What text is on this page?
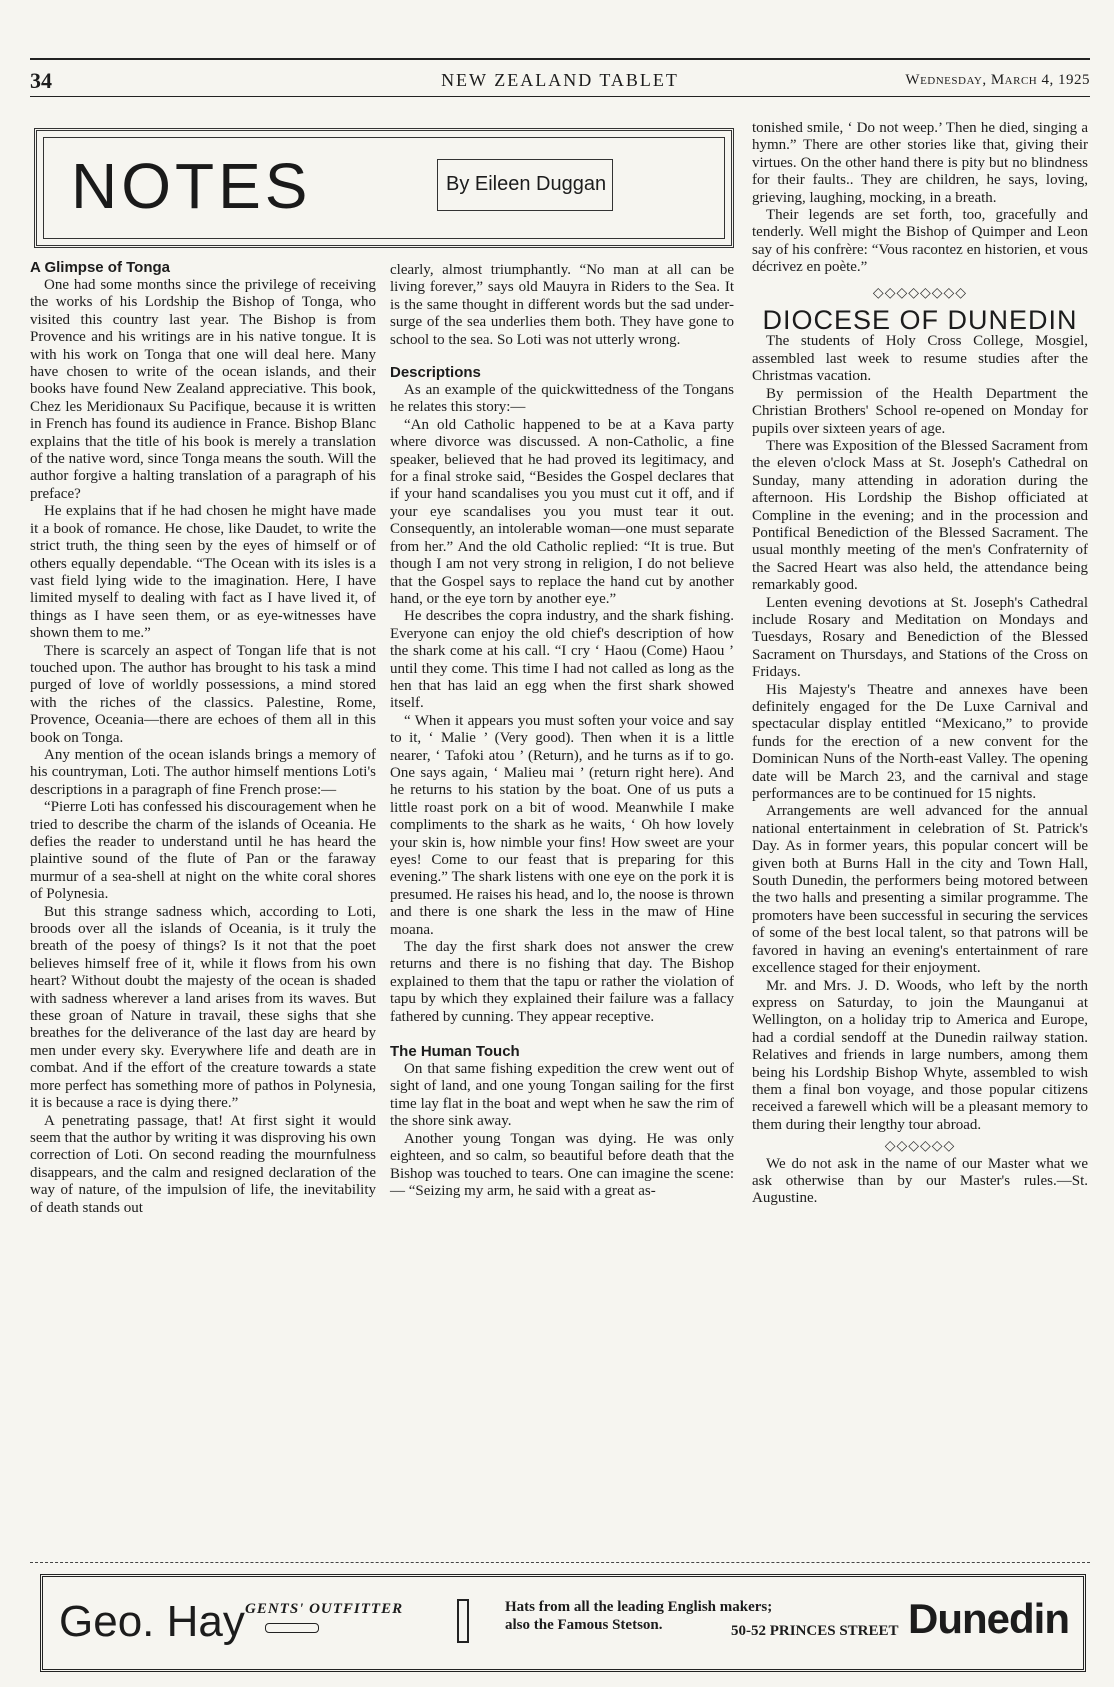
34	NEW ZEALAND TABLET	Wednesday, March 4, 1925
NOTES	By Eileen Duggan
A Glimpse of Tonga

One had some months since the privilege of receiving the works of his Lordship the Bishop of Tonga, who visited this country last year. The Bishop is from Provence and his writings are in his native tongue. It is with his work on Tonga that one will deal here. Many have chosen to write of the ocean islands, and their books have found New Zealand appreciative. This book, Chez les Meridionaux Su Pacifique, because it is written in French has found its audience in France. Bishop Blanc explains that the title of his book is merely a translation of the native word, since Tonga means the south. Will the author forgive a halting translation of a paragraph of his preface?

He explains that if he had chosen he might have made it a book of romance. He chose, like Daudet, to write the strict truth, the thing seen by the eyes of himself or of others equally dependable. “The Ocean with its isles is a vast field lying wide to the imagination. Here, I have limited myself to dealing with fact as I have lived it, of things as I have seen them, or as eye-witnesses have shown them to me.”

There is scarcely an aspect of Tongan life that is not touched upon. The author has brought to his task a mind purged of love of worldly possessions, a mind stored with the riches of the classics. Palestine, Rome, Provence, Oceania—there are echoes of them all in this book on Tonga.

Any mention of the ocean islands brings a memory of his countryman, Loti. The author himself mentions Loti's descriptions in a paragraph of fine French prose:—

“Pierre Loti has confessed his discouragement when he tried to describe the charm of the islands of Oceania. He defies the reader to understand until he has heard the plaintive sound of the flute of Pan or the faraway murmur of a sea-shell at night on the white coral shores of Polynesia.

But this strange sadness which, according to Loti, broods over all the islands of Oceania, is it truly the breath of the poesy of things? Is it not that the poet believes himself free of it, while it flows from his own heart? Without doubt the majesty of the ocean is shaded with sadness wherever a land arises from its waves. But these groan of Nature in travail, these sighs that she breathes for the deliverance of the last day are heard by men under every sky. Everywhere life and death are in combat. And if the effort of the creature towards a state more perfect has something more of pathos in Polynesia, it is because a race is dying there.”

A penetrating passage, that! At first sight it would seem that the author by writing it was disproving his own correction of Loti. On second reading the mournfulness disappears, and the calm and resigned declaration of the way of nature, of the impulsion of life, the inevitability of death stands out

clearly, almost triumphantly. “No man at all can be living forever,” says old Mauyra in Riders to the Sea. It is the same thought in different words but the sad under-surge of the sea underlies them both. They have gone to school to the sea. So Loti was not utterly wrong.

Descriptions

As an example of the quickwittedness of the Tongans he relates this story:—

“An old Catholic happened to be at a Kava party where divorce was discussed. A non-Catholic, a fine speaker, believed that he had proved its legitimacy, and for a final stroke said, “Besides the Gospel declares that if your hand scandalises you you must cut it off, and if your eye scandalises you you must tear it out. Consequently, an intolerable woman—one must separate from her.” And the old Catholic replied: “It is true. But though I am not very strong in religion, I do not believe that the Gospel says to replace the hand cut by another hand, or the eye torn by another eye.”

He describes the copra industry, and the shark fishing. Everyone can enjoy the old chief's description of how the shark come at his call. “I cry ‘ Haou (Come) Haou ’ until they come. This time I had not called as long as the hen that has laid an egg when the first shark showed itself.

“ When it appears you must soften your voice and say to it, ‘ Malie ’ (Very good). Then when it is a little nearer, ‘ Tafoki atou ’ (Return), and he turns as if to go. One says again, ‘ Malieu mai ’ (return right here). And he returns to his station by the boat. One of us puts a little roast pork on a bit of wood. Meanwhile I make compliments to the shark as he waits, ‘ Oh how lovely your skin is, how nimble your fins! How sweet are your eyes! Come to our feast that is preparing for this evening.” The shark listens with one eye on the pork it is presumed. He raises his head, and lo, the noose is thrown and there is one shark the less in the maw of Hine moana.

The day the first shark does not answer the crew returns and there is no fishing that day. The Bishop explained to them that the tapu or rather the violation of tapu by which they explained their failure was a fallacy fathered by cunning. They appear receptive.

The Human Touch

On that same fishing expedition the crew went out of sight of land, and one young Tongan sailing for the first time lay flat in the boat and wept when he saw the rim of the shore sink away.

Another young Tongan was dying. He was only eighteen, and so calm, so beautiful before death that the Bishop was touched to tears. One can imagine the scene:— “Seizing my arm, he said with a great as-

tonished smile, ‘ Do not weep.’ Then he died, singing a hymn.” There are other stories like that, giving their virtues. On the other hand there is pity but no blindness for their faults.. They are children, he says, loving, grieving, laughing, mocking, in a breath.

Their legends are set forth, too, gracefully and tenderly. Well might the Bishop of Quimper and Leon say of his confrère: “Vous racontez en historien, et vous décrivez en poète.”

◇◇◇◇◇◇◇◇
DIOCESE OF DUNEDIN

The students of Holy Cross College, Mosgiel, assembled last week to resume studies after the Christmas vacation.

By permission of the Health Department the Christian Brothers' School re-opened on Monday for pupils over sixteen years of age.

There was Exposition of the Blessed Sacrament from the eleven o'clock Mass at St. Joseph's Cathedral on Sunday, many attending in adoration during the afternoon. His Lordship the Bishop officiated at Compline in the evening; and in the procession and Pontifical Benediction of the Blessed Sacrament. The usual monthly meeting of the men's Confraternity of the Sacred Heart was also held, the attendance being remarkably good.

Lenten evening devotions at St. Joseph's Cathedral include Rosary and Meditation on Mondays and Tuesdays, Rosary and Benediction of the Blessed Sacrament on Thursdays, and Stations of the Cross on Fridays.

His Majesty's Theatre and annexes have been definitely engaged for the De Luxe Carnival and spectacular display entitled “Mexicano,” to provide funds for the erection of a new convent for the Dominican Nuns of the North-east Valley. The opening date will be March 23, and the carnival and stage performances are to be continued for 15 nights.

Arrangements are well advanced for the annual national entertainment in celebration of St. Patrick's Day. As in former years, this popular concert will be given both at Burns Hall in the city and Town Hall, South Dunedin, the performers being motored between the two halls and presenting a similar programme. The promoters have been successful in securing the services of some of the best local talent, so that patrons will be favored in having an evening's entertainment of rare excellence staged for their enjoyment.

Mr. and Mrs. J. D. Woods, who left by the north express on Saturday, to join the Maunganui at Wellington, on a holiday trip to America and Europe, had a cordial sendoff at the Dunedin railway station. Relatives and friends in large numbers, among them being his Lordship Bishop Whyte, assembled to wish them a final bon voyage, and those popular citizens received a farewell which will be a pleasant memory to them during their lengthy tour abroad.

◇◇◇◇◇◇

We do not ask in the name of our Master what we ask otherwise than by our Master's rules.—St. Augustine.

Geo. Hay GENTS' OUTFITTER	Hats from all the leading English makers;
also the Famous Stetson.	50-52 PRINCES STREET Dunedin
